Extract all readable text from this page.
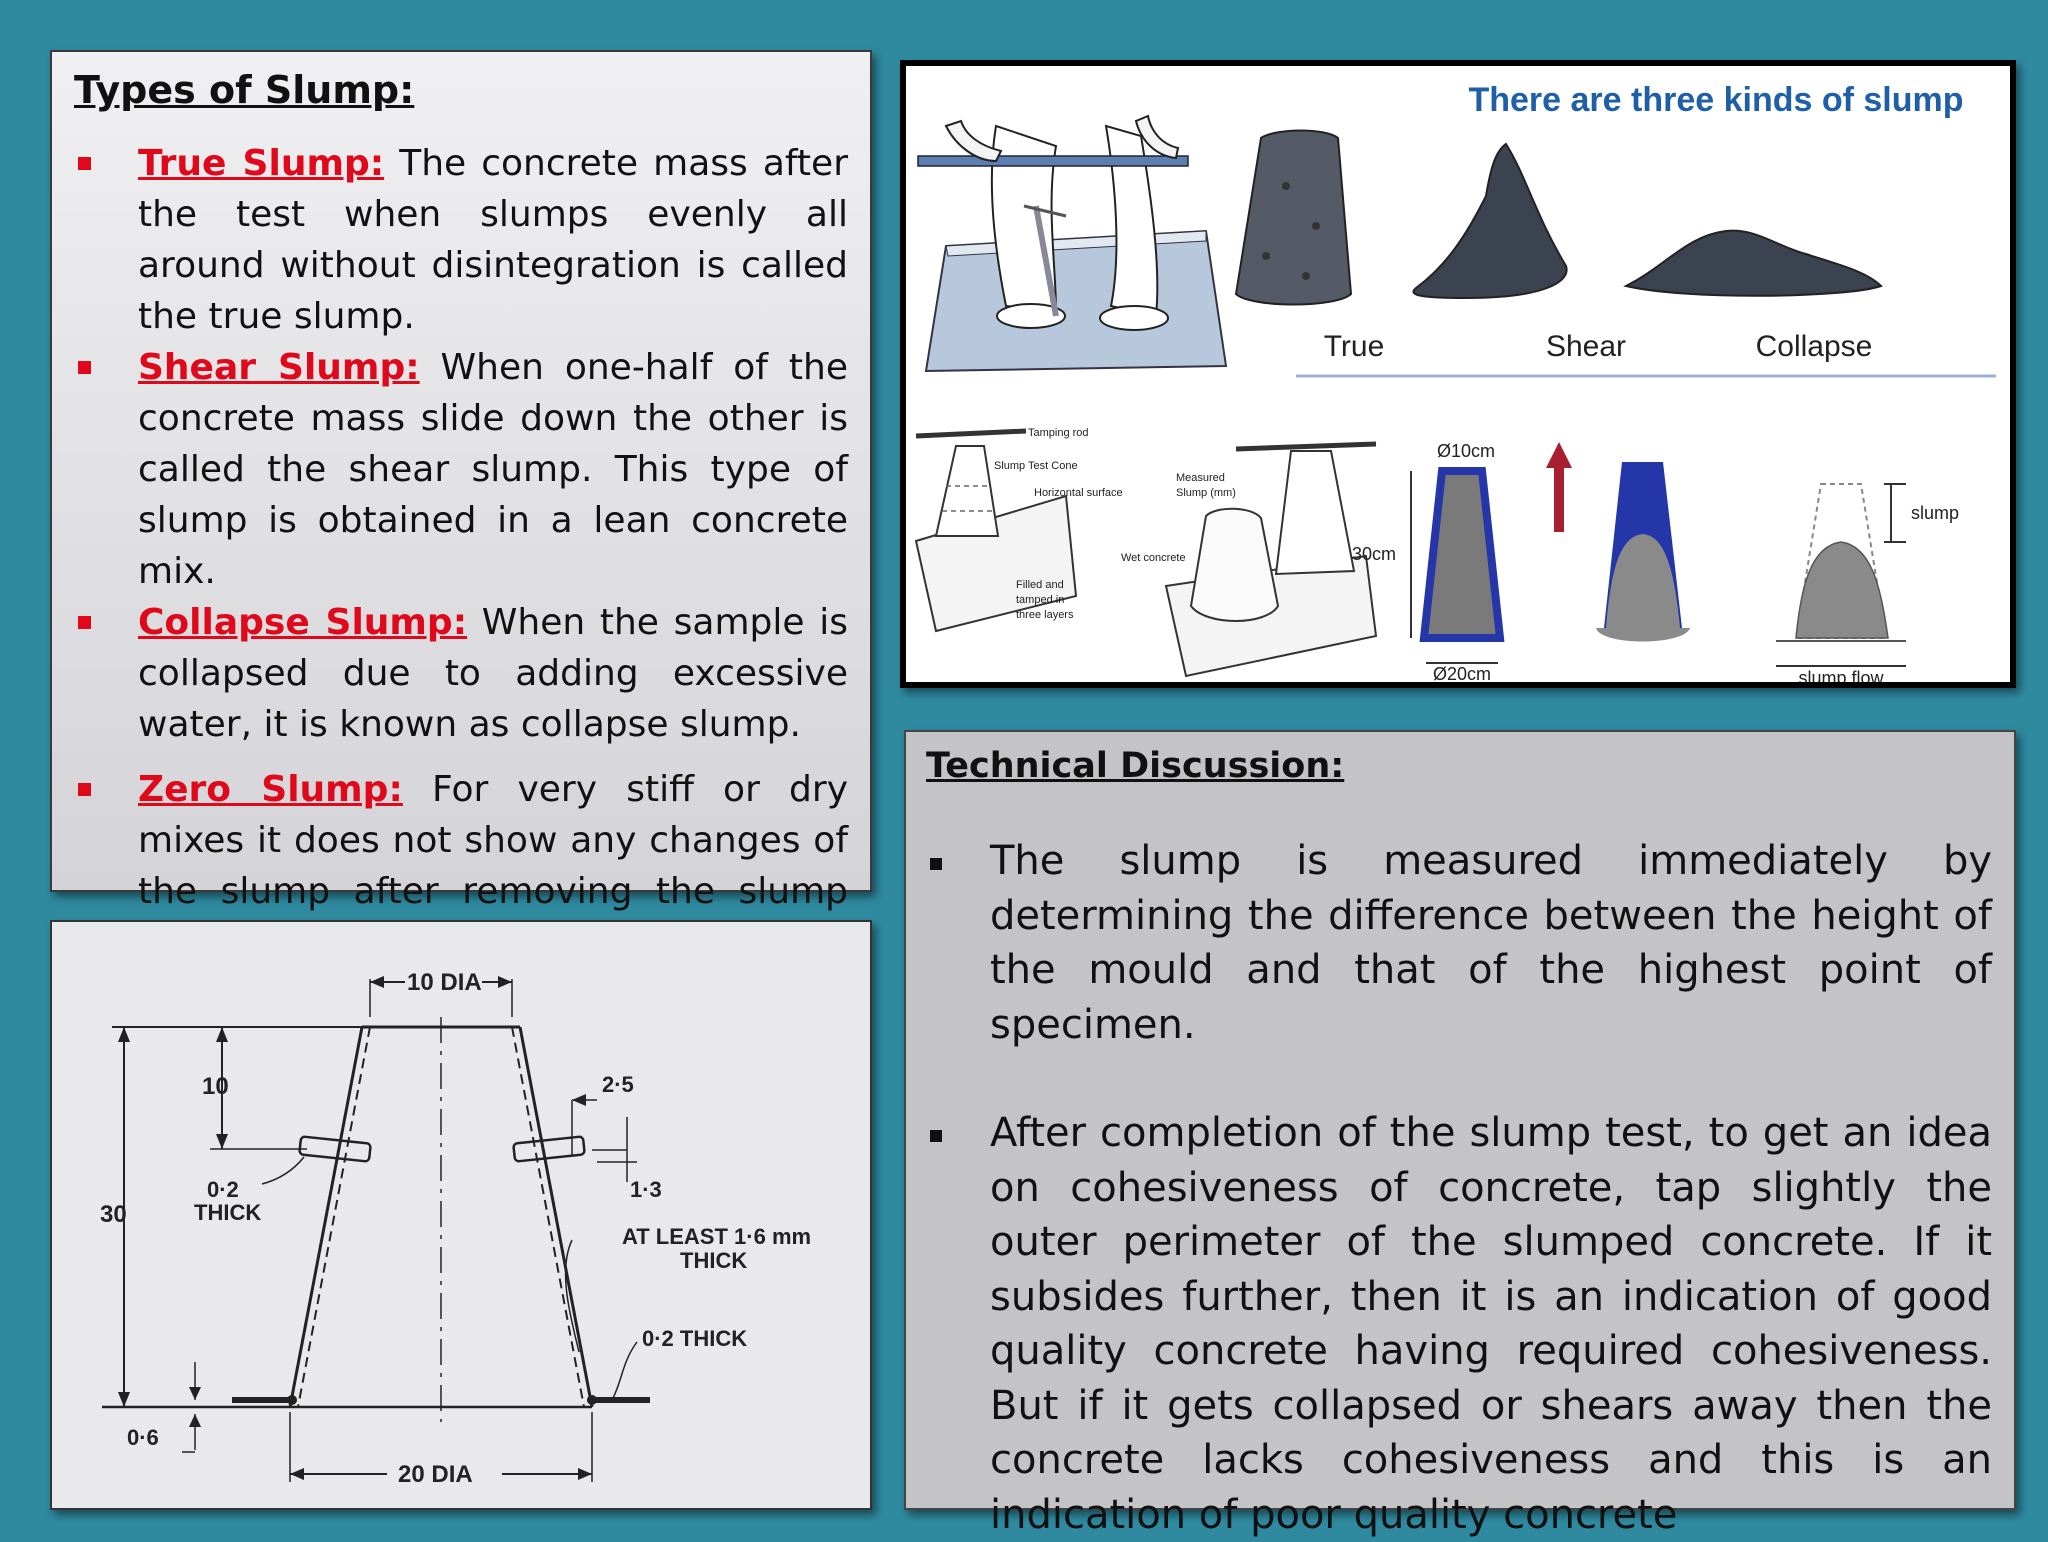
Types of Slump:
True Slump: The concrete mass after the test when slumps evenly all around without disintegration is called the true slump.
Shear Slump: When one-half of the concrete mass slide down the other is called the shear slump. This type of slump is obtained in a lean concrete mix.
Collapse Slump: When the sample is collapsed due to adding excessive water, it is known as collapse slump.
Zero Slump: For very stiff or dry mixes it does not show any changes of the slump after removing the slump
There are three kinds of slump
True	Shear	Collapse
Tamping rod
Slump Test Cone
Horizontal surface
Filled and
tamped in
three layers
Measured
Slump (mm)
Wet concrete
Ø10cm
30cm
Ø20cm
slump
slump flow
10 DIA
10
30
0·2
THICK
2·5
1·3
AT LEAST 1·6 mm
THICK
0·2 THICK
0·6
20 DIA
Technical Discussion:
The slump is measured immediately by determining the difference between the height of the mould and that of the highest point of specimen.
After completion of the slump test, to get an idea on cohesiveness of concrete, tap slightly the outer perimeter of the slumped concrete. If it subsides further, then it is an indication of good quality concrete having required cohesiveness. But if it gets collapsed or shears away then the concrete lacks cohesiveness and this is an indication of poor quality concrete
